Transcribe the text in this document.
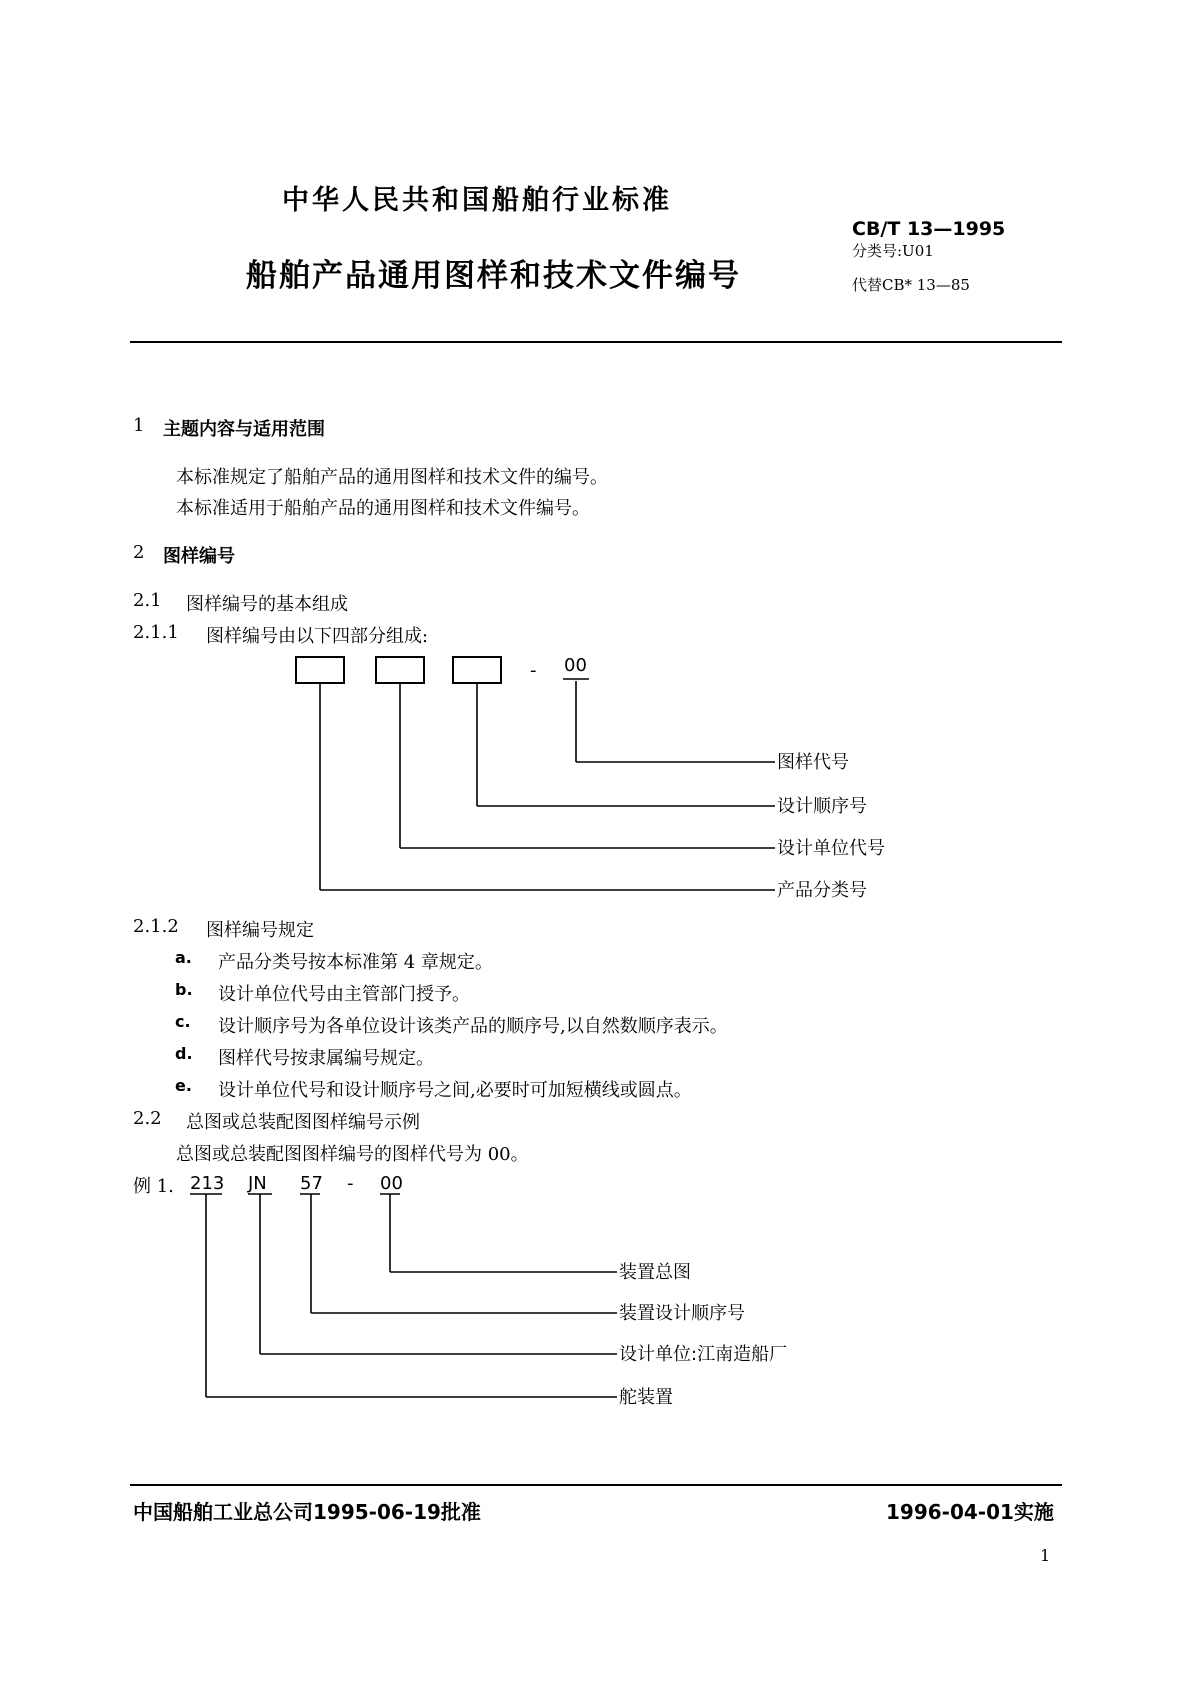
中华人民共和国船舶行业标准
船舶产品通用图样和技术文件编号
CB/T 13—1995
分类号:U01
代替CB* 13—85
1 主题内容与适用范围
本标准规定了船舶产品的通用图样和技术文件的编号。
本标准适用于船舶产品的通用图样和技术文件编号。
2 图样编号
2.1 图样编号的基本组成
2.1.1 图样编号由以下四部分组成:
- 00
图样代号
设计顺序号
设计单位代号
产品分类号
2.1.2 图样编号规定
a. 产品分类号按本标准第 4 章规定。
b. 设计单位代号由主管部门授予。
c. 设计顺序号为各单位设计该类产品的顺序号,以自然数顺序表示。
d. 图样代号按隶属编号规定。
e. 设计单位代号和设计顺序号之间,必要时可加短横线或圆点。
2.2 总图或总装配图图样编号示例
总图或总装配图图样编号的图样代号为 00。
例 1. 213 JN 57 - 00
装置总图
装置设计顺序号
设计单位:江南造船厂
舵装置
中国船舶工业总公司1995-06-19批准	1996-04-01实施
1
